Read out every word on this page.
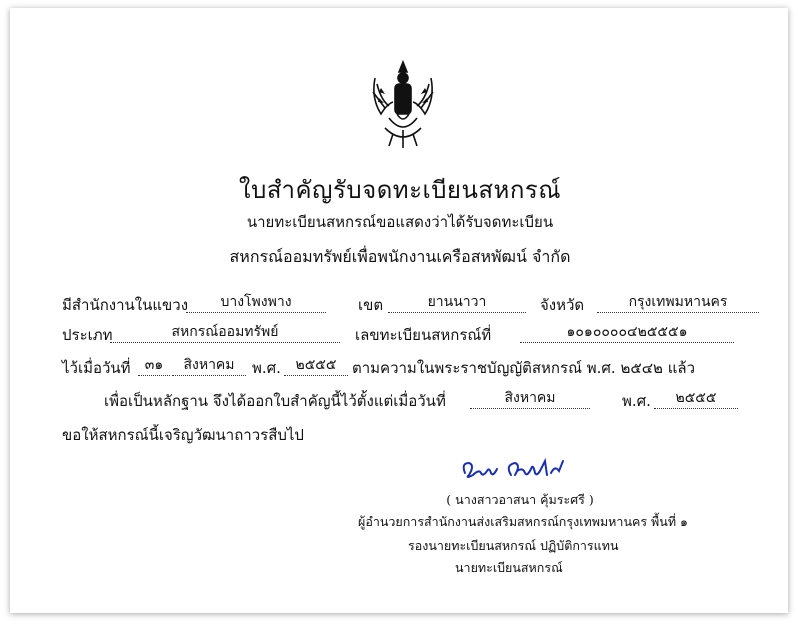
ใบสำคัญรับจดทะเบียนสหกรณ์
นายทะเบียนสหกรณ์ขอแสดงว่าได้รับจดทะเบียน
สหกรณ์ออมทรัพย์เพื่อพนักงานเครือสหพัฒน์ จำกัด
มีสำนักงานในแขวง	บางโพงพาง	เขต	ยานนาวา	จังหวัด	กรุงเทพมหานคร
ประเภท	สหกรณ์ออมทรัพย์	เลขทะเบียนสหกรณ์ที่	๑๐๑๐๐๐๐๔๒๕๕๕๑
ไว้เมื่อวันที่	๓๑	สิงหาคม	พ.ศ.	๒๕๕๕	ตามความในพระราชบัญญัติสหกรณ์ พ.ศ. ๒๕๔๒ แล้ว
เพื่อเป็นหลักฐาน จึงได้ออกใบสำคัญนี้ไว้ตั้งแต่เมื่อวันที่	สิงหาคม	พ.ศ.	๒๕๕๕
ขอให้สหกรณ์นี้เจริญวัฒนาถาวรสืบไป
( นางสาวอาสนา คุ้มระศรี )
ผู้อำนวยการสำนักงานส่งเสริมสหกรณ์กรุงเทพมหานคร พื้นที่ ๑
รองนายทะเบียนสหกรณ์ ปฏิบัติการแทน
นายทะเบียนสหกรณ์
